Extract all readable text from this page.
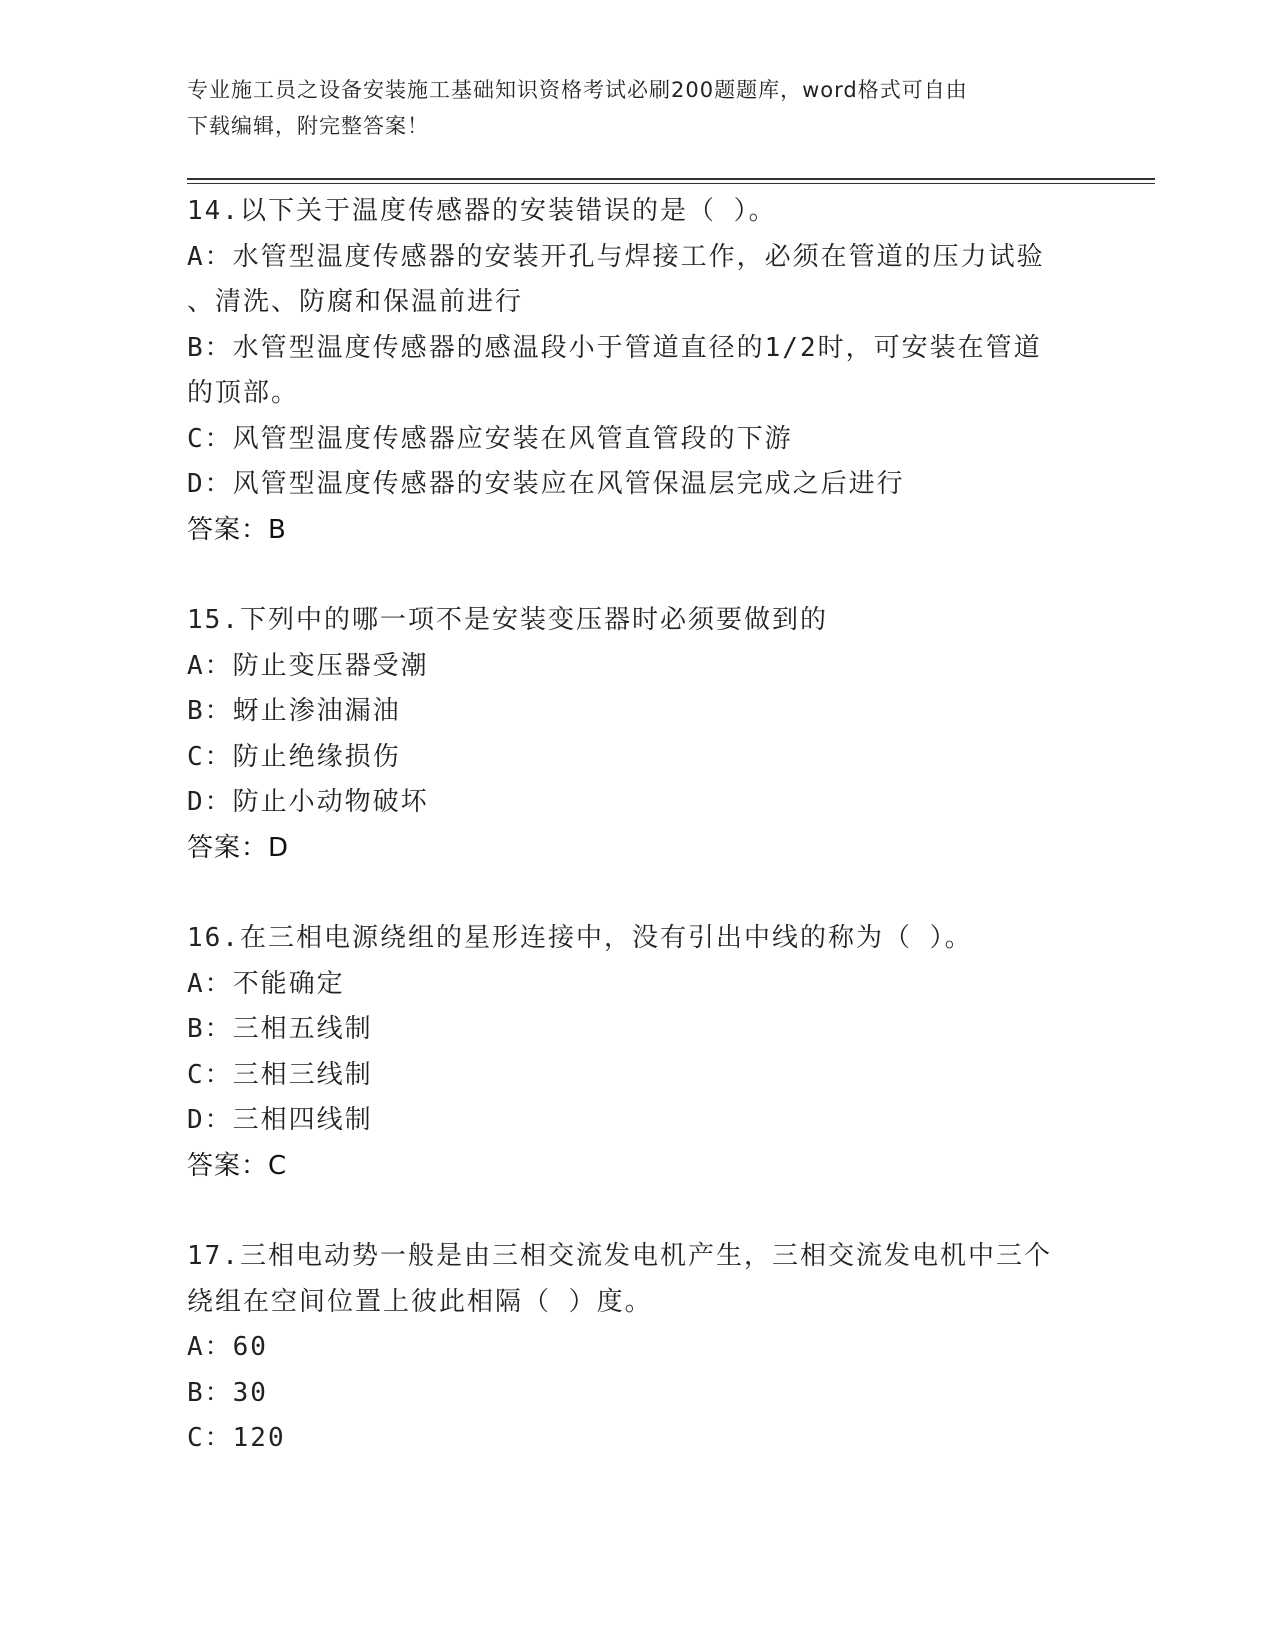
专业施工员之设备安装施工基础知识资格考试必刷200题题库，word格式可自由
下载编辑，附完整答案！
14.以下关于温度传感器的安装错误的是（ ）。
A：水管型温度传感器的安装开孔与焊接工作，必须在管道的压力试验
、清洗、防腐和保温前进行
B：水管型温度传感器的感温段小于管道直径的1/2时，可安装在管道
的顶部。
C：风管型温度传感器应安装在风管直管段的下游
D：风管型温度传感器的安装应在风管保温层完成之后进行
答案：B
15.下列中的哪一项不是安装变压器时必须要做到的
A：防止变压器受潮
B：蚜止渗油漏油
C：防止绝缘损伤
D：防止小动物破坏
答案：D
16.在三相电源绕组的星形连接中，没有引出中线的称为（ ）。
A：不能确定
B：三相五线制
C：三相三线制
D：三相四线制
答案：C
17.三相电动势一般是由三相交流发电机产生，三相交流发电机中三个
绕组在空间位置上彼此相隔（ ）度。
A：60
B：30
C：120
